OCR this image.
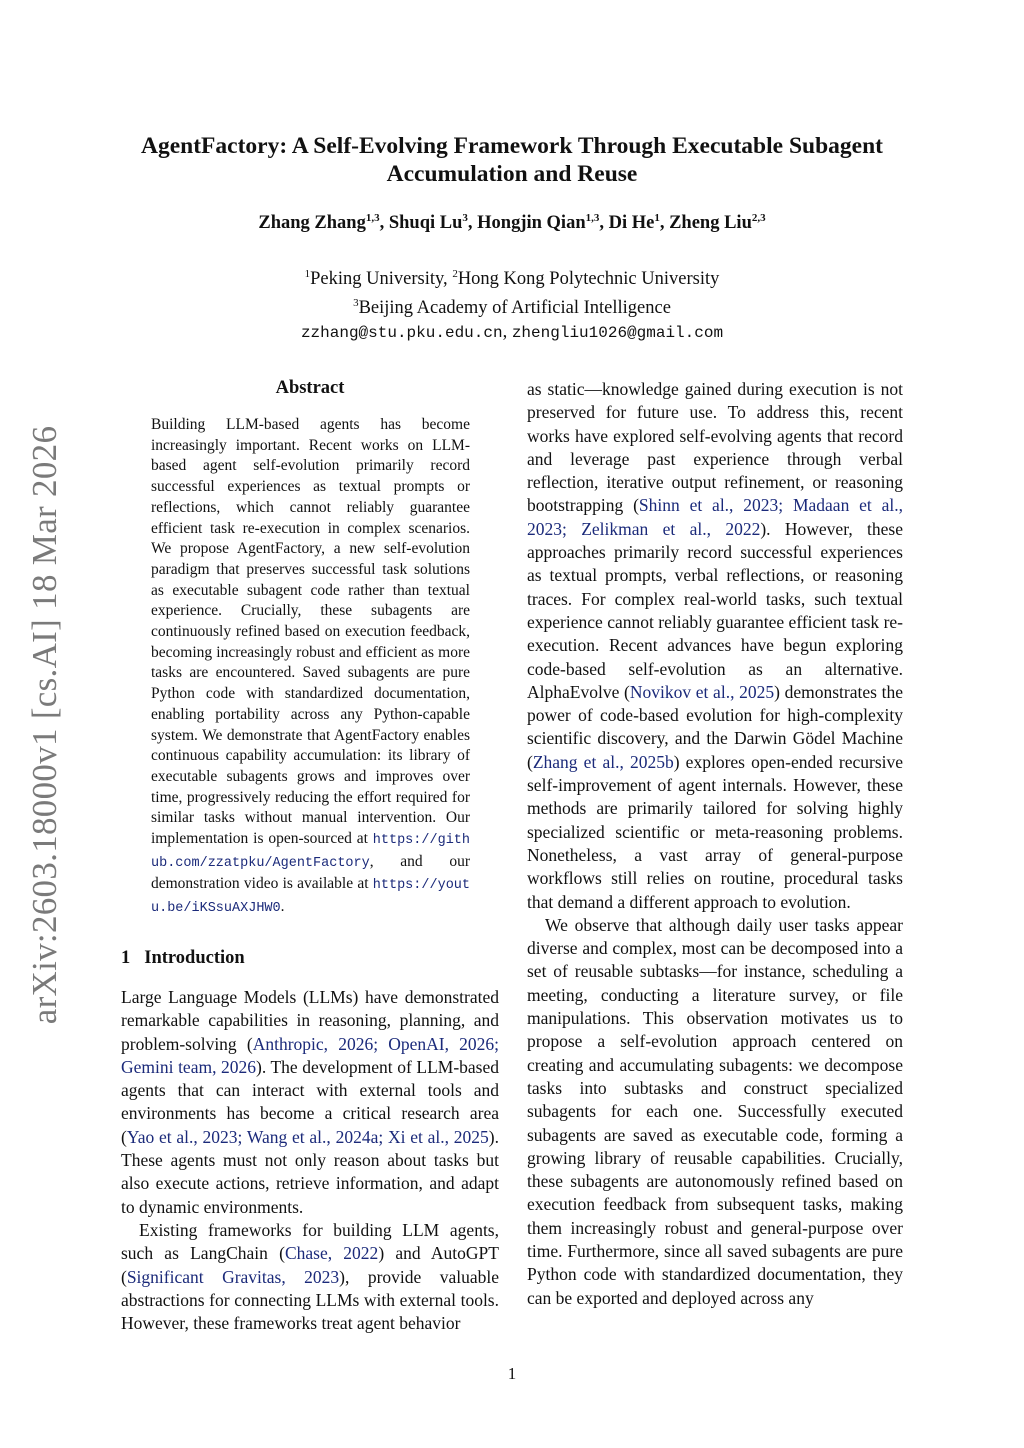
arXiv:2603.18000v1 [cs.AI] 18 Mar 2026
AgentFactory: A Self-Evolving Framework Through Executable Subagent Accumulation and Reuse
Zhang Zhang$^{1,3}$, Shuqi Lu$^3$, Hongjin Qian$^{1,3}$, Di He$^1$, Zheng Liu$^{2,3}$
$^1$Peking University, $^2$Hong Kong Polytechnic University
$^3$Beijing Academy of Artificial Intelligence
zzhang@stu.pku.edu.cn, zhengliu1026@gmail.com
Abstract

Building LLM-based agents has become increasingly important. Recent works on LLM-based agent self-evolution primarily record successful experiences as textual prompts or reflections, which cannot reliably guarantee efficient task re-execution in complex scenarios. We propose AgentFactory, a new self-evolution paradigm that preserves successful task solutions as executable subagent code rather than textual experience. Crucially, these subagents are continuously refined based on execution feedback, becoming increasingly robust and efficient as more tasks are encountered. Saved subagents are pure Python code with standardized documentation, enabling portability across any Python-capable system. We demonstrate that AgentFactory enables continuous capability accumulation: its library of executable subagents grows and improves over time, progressively reducing the effort required for similar tasks without manual intervention. Our implementation is open-sourced at https://github.com/zzatpku/AgentFactory, and our demonstration video is available at https://youtu.be/iKSsuAXJHW0.

1 Introduction

Large Language Models (LLMs) have demonstrated remarkable capabilities in reasoning, planning, and problem-solving (Anthropic, 2026; OpenAI, 2026; Gemini team, 2026). The development of LLM-based agents that can interact with external tools and environments has become a critical research area (Yao et al., 2023; Wang et al., 2024a; Xi et al., 2025). These agents must not only reason about tasks but also execute actions, retrieve information, and adapt to dynamic environments.

Existing frameworks for building LLM agents, such as LangChain (Chase, 2022) and AutoGPT (Significant Gravitas, 2023), provide valuable abstractions for connecting LLMs with external tools. However, these frameworks treat agent behavior

as static—knowledge gained during execution is not preserved for future use. To address this, recent works have explored self-evolving agents that record and leverage past experience through verbal reflection, iterative output refinement, or reasoning bootstrapping (Shinn et al., 2023; Madaan et al., 2023; Zelikman et al., 2022). However, these approaches primarily record successful experiences as textual prompts, verbal reflections, or reasoning traces. For complex real-world tasks, such textual experience cannot reliably guarantee efficient task re-execution. Recent advances have begun exploring code-based self-evolution as an alternative. AlphaEvolve (Novikov et al., 2025) demonstrates the power of code-based evolution for high-complexity scientific discovery, and the Darwin Gödel Machine (Zhang et al., 2025b) explores open-ended recursive self-improvement of agent internals. However, these methods are primarily tailored for solving highly specialized scientific or meta-reasoning problems. Nonetheless, a vast array of general-purpose workflows still relies on routine, procedural tasks that demand a different approach to evolution.

We observe that although daily user tasks appear diverse and complex, most can be decomposed into a set of reusable subtasks—for instance, scheduling a meeting, conducting a literature survey, or file manipulations. This observation motivates us to propose a self-evolution approach centered on creating and accumulating subagents: we decompose tasks into subtasks and construct specialized subagents for each one. Successfully executed subagents are saved as executable code, forming a growing library of reusable capabilities. Crucially, these subagents are autonomously refined based on execution feedback from subsequent tasks, making them increasingly robust and general-purpose over time. Furthermore, since all saved subagents are pure Python code with standardized documentation, they can be exported and deployed across any

1
